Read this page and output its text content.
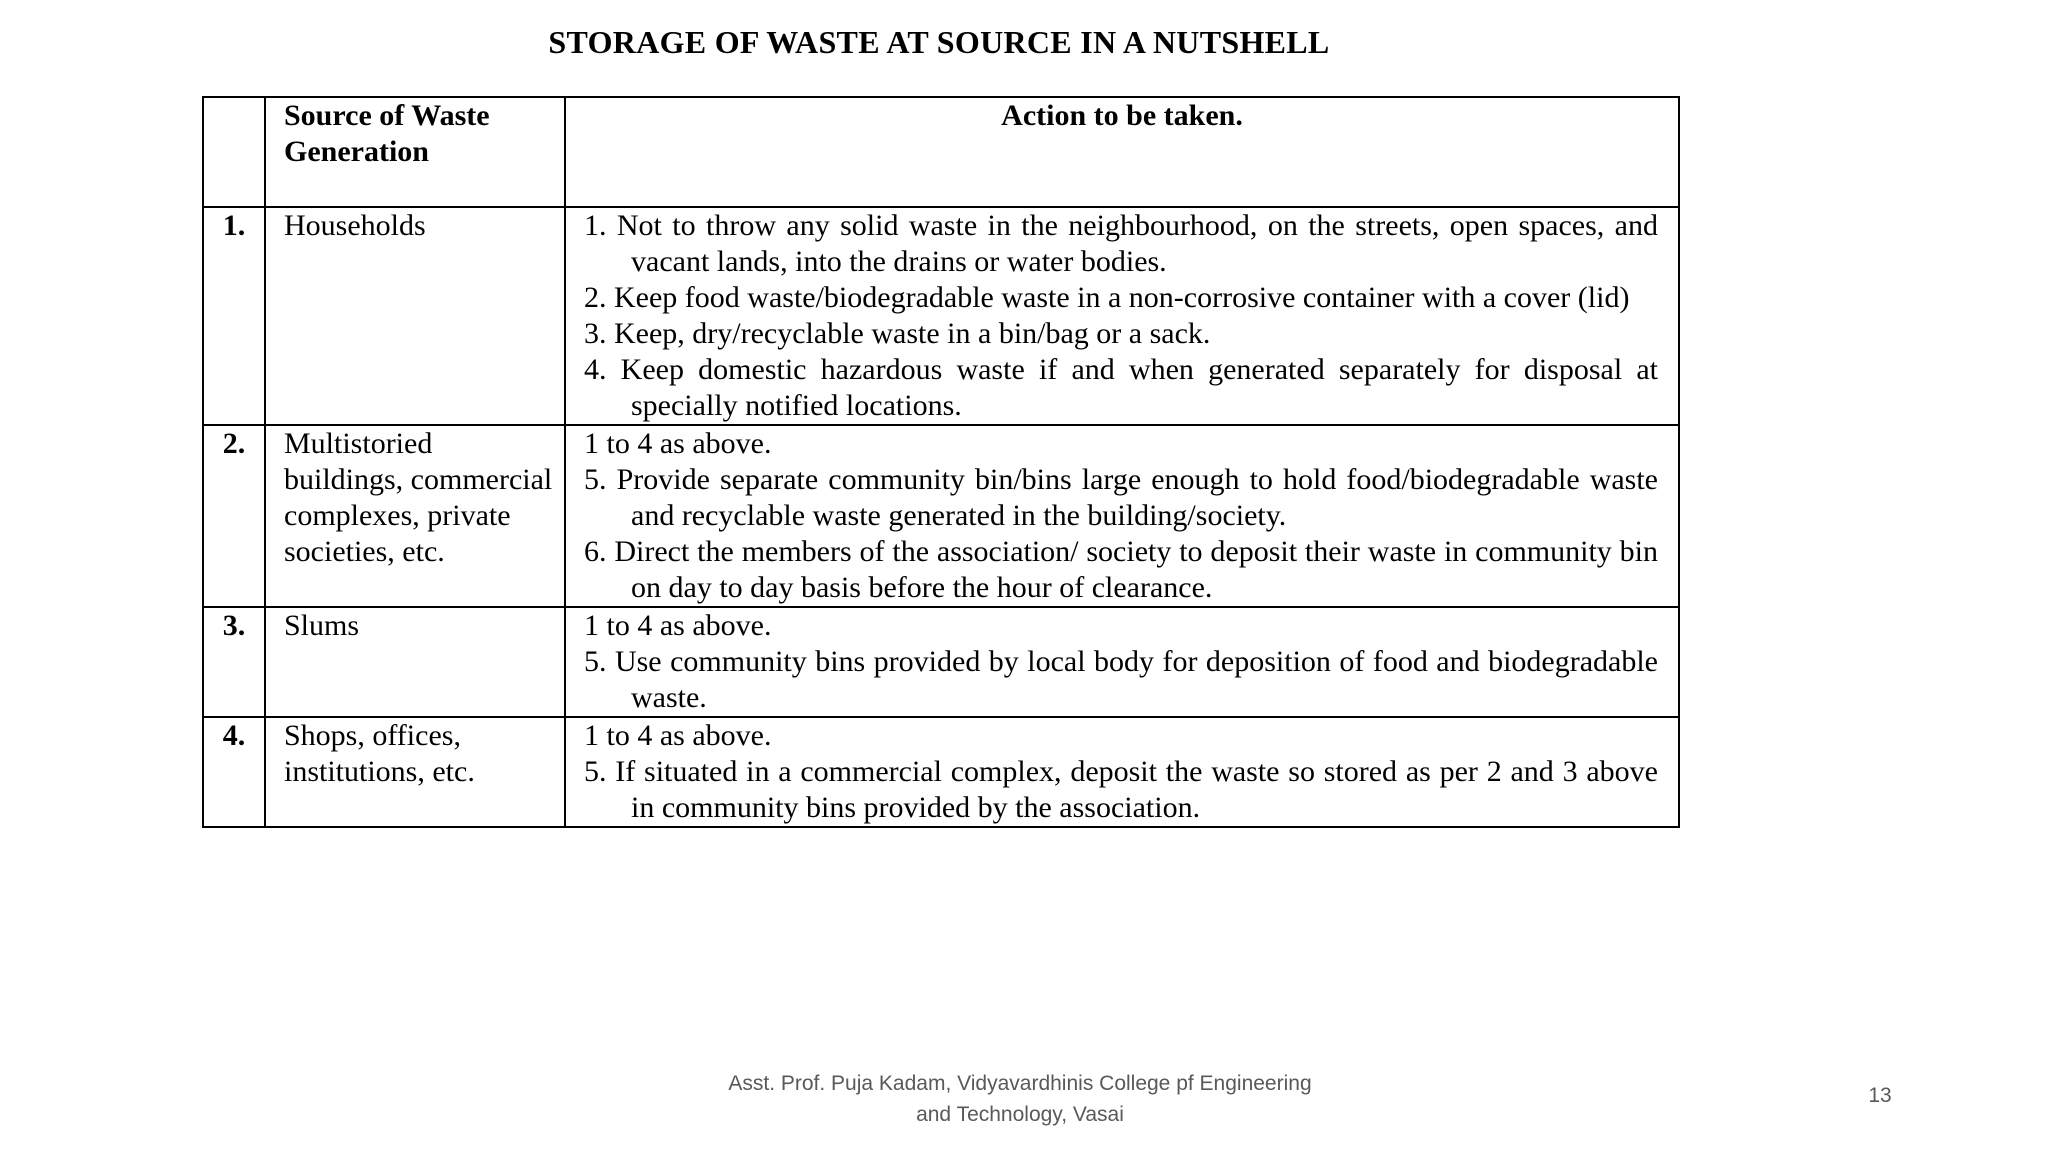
STORAGE OF WASTE AT SOURCE IN A NUTSHELL
	Source of Waste Generation	Action to be taken.
1.	Households	1. Not to throw any solid waste in the neighbourhood, on the streets, open spaces, and vacant lands, into the drains or water bodies.
2. Keep food waste/biodegradable waste in a non-corrosive container with a cover (lid)
3. Keep, dry/recyclable waste in a bin/bag or a sack.
4. Keep domestic hazardous waste if and when generated separately for disposal at specially notified locations.

2.	Multistoried buildings, commercial complexes, private societies, etc.	1 to 4 as above.
5. Provide separate community bin/bins large enough to hold food/biodegradable waste and recyclable waste generated in the building/society.
6. Direct the members of the association/ society to deposit their waste in community bin on day to day basis before the hour of clearance.

3.	Slums	1 to 4 as above.
5. Use community bins provided by local body for deposition of food and biodegradable waste.

4.	Shops, offices, institutions, etc.	1 to 4 as above.
5. If situated in a commercial complex, deposit the waste so stored as per 2 and 3 above in community bins provided by the association.
Asst. Prof. Puja Kadam, Vidyavardhinis College pf Engineering
and Technology, Vasai
13
